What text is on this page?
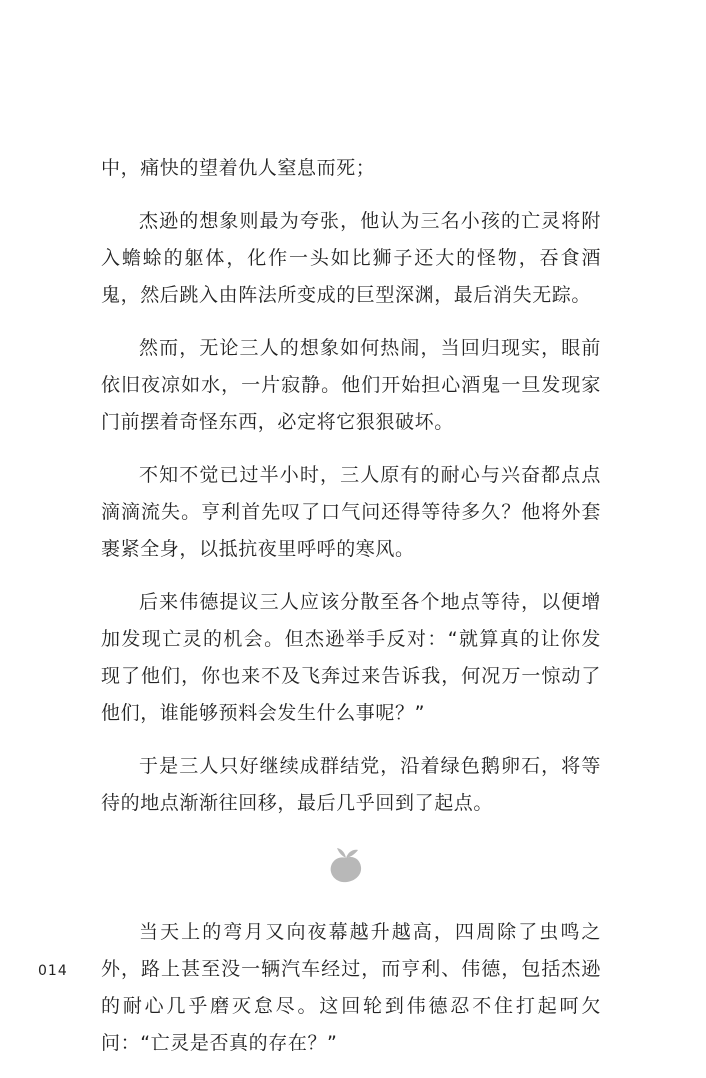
中，痛快的望着仇人窒息而死；

杰逊的想象则最为夸张，他认为三名小孩的亡灵将附入蟾蜍的躯体，化作一头如比狮子还大的怪物，吞食酒鬼，然后跳入由阵法所变成的巨型深渊，最后消失无踪。

然而，无论三人的想象如何热闹，当回归现实，眼前依旧夜凉如水，一片寂静。他们开始担心酒鬼一旦发现家门前摆着奇怪东西，必定将它狠狠破坏。

不知不觉已过半小时，三人原有的耐心与兴奋都点点滴滴流失。亨利首先叹了口气问还得等待多久？他将外套裹紧全身，以抵抗夜里呼呼的寒风。

后来伟德提议三人应该分散至各个地点等待，以便增加发现亡灵的机会。但杰逊举手反对：“就算真的让你发现了他们，你也来不及飞奔过来告诉我，何况万一惊动了他们，谁能够预料会发生什么事呢？”

于是三人只好继续成群结党，沿着绿色鹅卵石，将等待的地点渐渐往回移，最后几乎回到了起点。

当天上的弯月又向夜幕越升越高，四周除了虫鸣之外，路上甚至没一辆汽车经过，而亨利、伟德，包括杰逊的耐心几乎磨灭怠尽。这回轮到伟德忍不住打起呵欠问：“亡灵是否真的存在？”

014
